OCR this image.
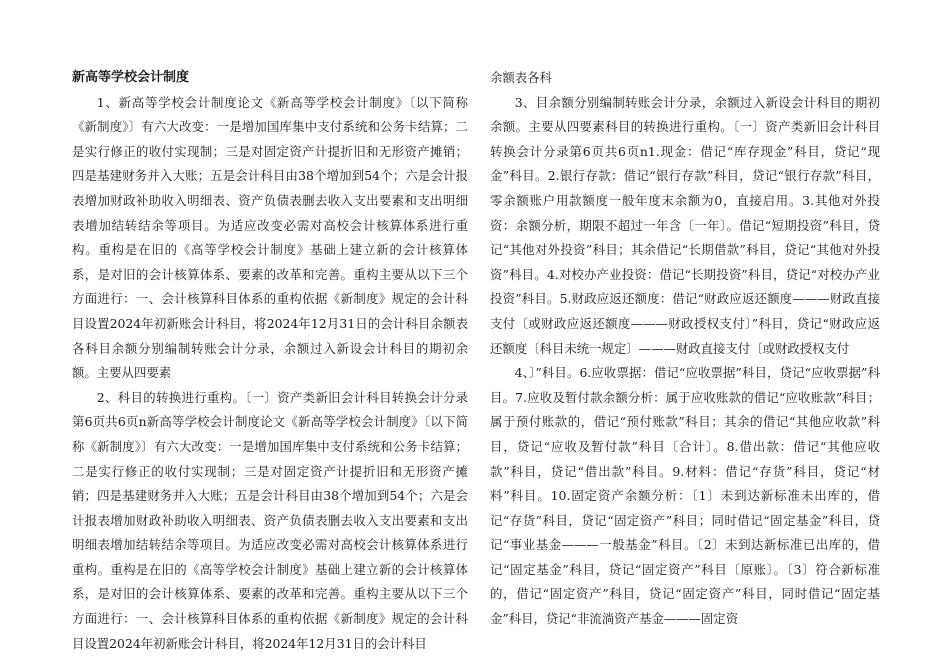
新高等学校会计制度

1、新高等学校会计制度论文《新高等学校会计制度》〔以下简称《新制度》〕有六大改变：一是增加国库集中支付系统和公务卡结算；二是实行修正的收付实现制；三是对固定资产计提折旧和无形资产摊销；四是基建财务并入大账；五是会计科目由38个增加到54个；六是会计报表增加财政补助收入明细表、资产负债表删去收入支出要素和支出明细表增加结转结余等项目。为适应改变必需对高校会计核算体系进行重构。重构是在旧的《高等学校会计制度》基础上建立新的会计核算体系，是对旧的会计核算体系、要素的改革和完善。重构主要从以下三个方面进行：一、会计核算科目体系的重构依据《新制度》规定的会计科目设置2024年初新账会计科目，将2024年12月31日的会计科目余额表各科目余额分别编制转账会计分录，余额过入新设会计科目的期初余额。主要从四要素

2、科目的转换进行重构。〔一〕资产类新旧会计科目转换会计分录第6页共6页n新高等学校会计制度论文《新高等学校会计制度》〔以下简称《新制度》〕有六大改变：一是增加国库集中支付系统和公务卡结算；二是实行修正的收付实现制；三是对固定资产计提折旧和无形资产摊销；四是基建财务并入大账；五是会计科目由38个增加到54个；六是会计报表增加财政补助收入明细表、资产负债表删去收入支出要素和支出明细表增加结转结余等项目。为适应改变必需对高校会计核算体系进行重构。重构是在旧的《高等学校会计制度》基础上建立新的会计核算体系，是对旧的会计核算体系、要素的改革和完善。重构主要从以下三个方面进行：一、会计核算科目体系的重构依据《新制度》规定的会计科目设置2024年初新账会计科目，将2024年12月31日的会计科目

余额表各科

3、目余额分别编制转账会计分录，余额过入新设会计科目的期初余额。主要从四要素科目的转换进行重构。〔一〕资产类新旧会计科目转换会计分录第6页共6页n1.现金：借记“库存现金”科目，贷记“现金”科目。2.银行存款：借记“银行存款”科目，贷记“银行存款”科目，零余额账户用款额度一般年度末余额为0，直接启用。3.其他对外投资：余额分析，期限不超过一年含〔一年〕。借记“短期投资”科目，贷记“其他对外投资”科目；其余借记“长期借款”科目，贷记“其他对外投资”科目。4.对校办产业投资：借记“长期投资”科目，贷记“对校办产业投资”科目。5.财政应返还额度：借记“财政应返还额度———财政直接支付〔或财政应返还额度———财政授权支付〕”科目，贷记“财政应返还额度〔科目未统一规定〕———财政直接支付〔或财政授权支付

4、〕”科目。6.应收票据：借记“应收票据”科目，贷记“应收票据”科目。7.应收及暂付款余额分析：属于应收账款的借记“应收账款”科目；属于预付账款的，借记“预付账款”科目；其余的借记“其他应收款”科目，贷记“应收及暂付款”科目〔合计〕。8.借出款：借记“其他应收款”科目，贷记“借出款”科目。9.材料：借记“存货”科目，贷记“材料”科目。10.固定资产余额分析：〔1〕未到达新标准未出库的，借记“存货”科目，贷记“固定资产”科目；同时借记“固定基金”科目，贷记“事业基金———一般基金”科目。〔2〕未到达新标准已出库的，借记“固定基金”科目，贷记“固定资产”科目〔原账〕。〔3〕符合新标准的，借记“固定资产”科目，贷记“固定资产”科目，同时借记“固定基金”科目，贷记“非流淌资产基金———固定资
